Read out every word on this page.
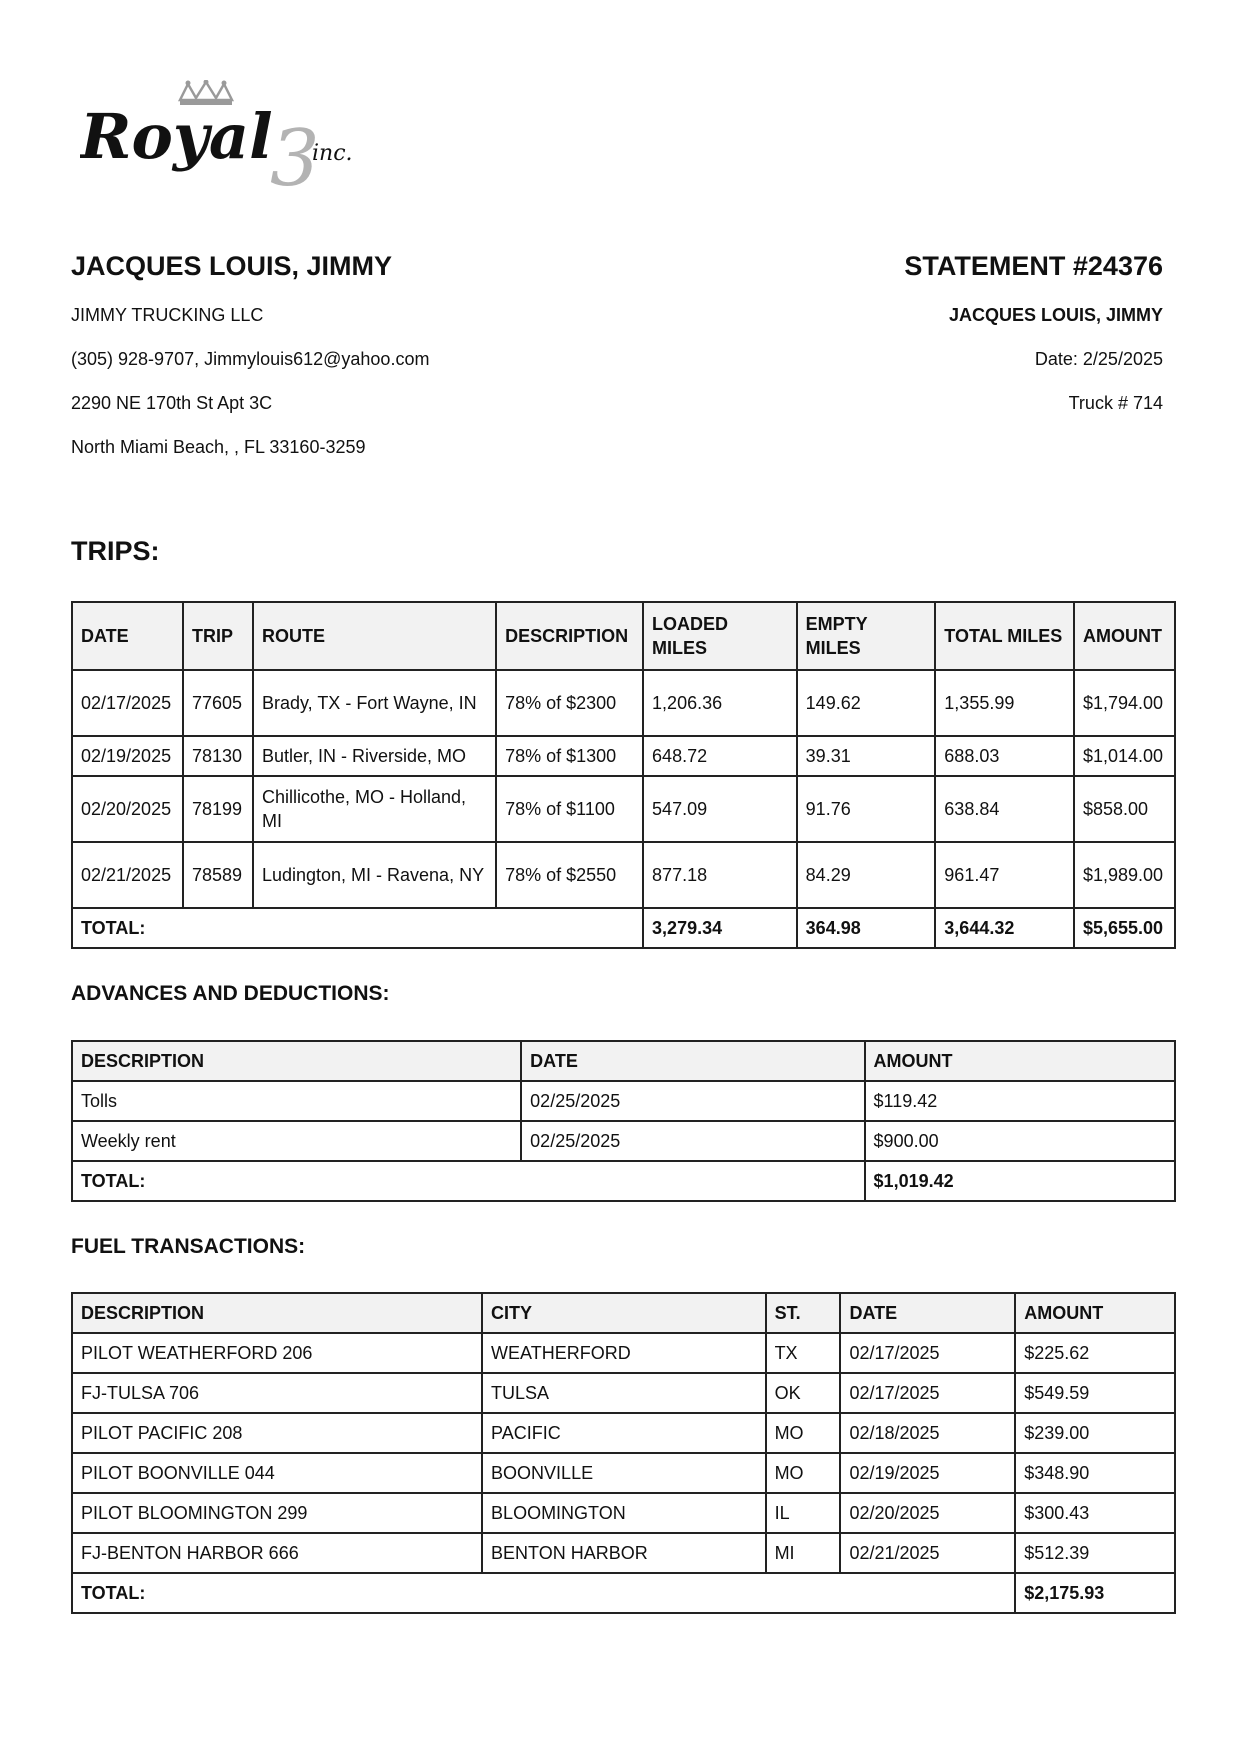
3
Royal inc.
JACQUES LOUIS, JIMMY
JIMMY TRUCKING LLC
(305) 928-9707, Jimmylouis612@yahoo.com
2290 NE 170th St Apt 3C
North Miami Beach, , FL 33160-3259
STATEMENT #24376
JACQUES LOUIS, JIMMY
Date: 2/25/2025
Truck # 714
TRIPS:
DATE	TRIP	ROUTE	DESCRIPTION	LOADED MILES	EMPTY MILES	TOTAL MILES	AMOUNT
02/17/2025	77605	Brady, TX - Fort Wayne, IN	78% of $2300	1,206.36	149.62	1,355.99	$1,794.00
02/19/2025	78130	Butler, IN - Riverside, MO	78% of $1300	648.72	39.31	688.03	$1,014.00
02/20/2025	78199	Chillicothe, MO - Holland, MI	78% of $1100	547.09	91.76	638.84	$858.00
02/21/2025	78589	Ludington, MI - Ravena, NY	78% of $2550	877.18	84.29	961.47	$1,989.00
TOTAL:				3,279.34	364.98	3,644.32	$5,655.00
ADVANCES AND DEDUCTIONS:
DESCRIPTION	DATE	AMOUNT
Tolls	02/25/2025	$119.42
Weekly rent	02/25/2025	$900.00
TOTAL:		$1,019.42
FUEL TRANSACTIONS:
DESCRIPTION	CITY	ST.	DATE	AMOUNT
PILOT WEATHERFORD 206	WEATHERFORD	TX	02/17/2025	$225.62
FJ-TULSA 706	TULSA	OK	02/17/2025	$549.59
PILOT PACIFIC 208	PACIFIC	MO	02/18/2025	$239.00
PILOT BOONVILLE 044	BOONVILLE	MO	02/19/2025	$348.90
PILOT BLOOMINGTON 299	BLOOMINGTON	IL	02/20/2025	$300.43
FJ-BENTON HARBOR 666	BENTON HARBOR	MI	02/21/2025	$512.39
TOTAL:				$2,175.93
